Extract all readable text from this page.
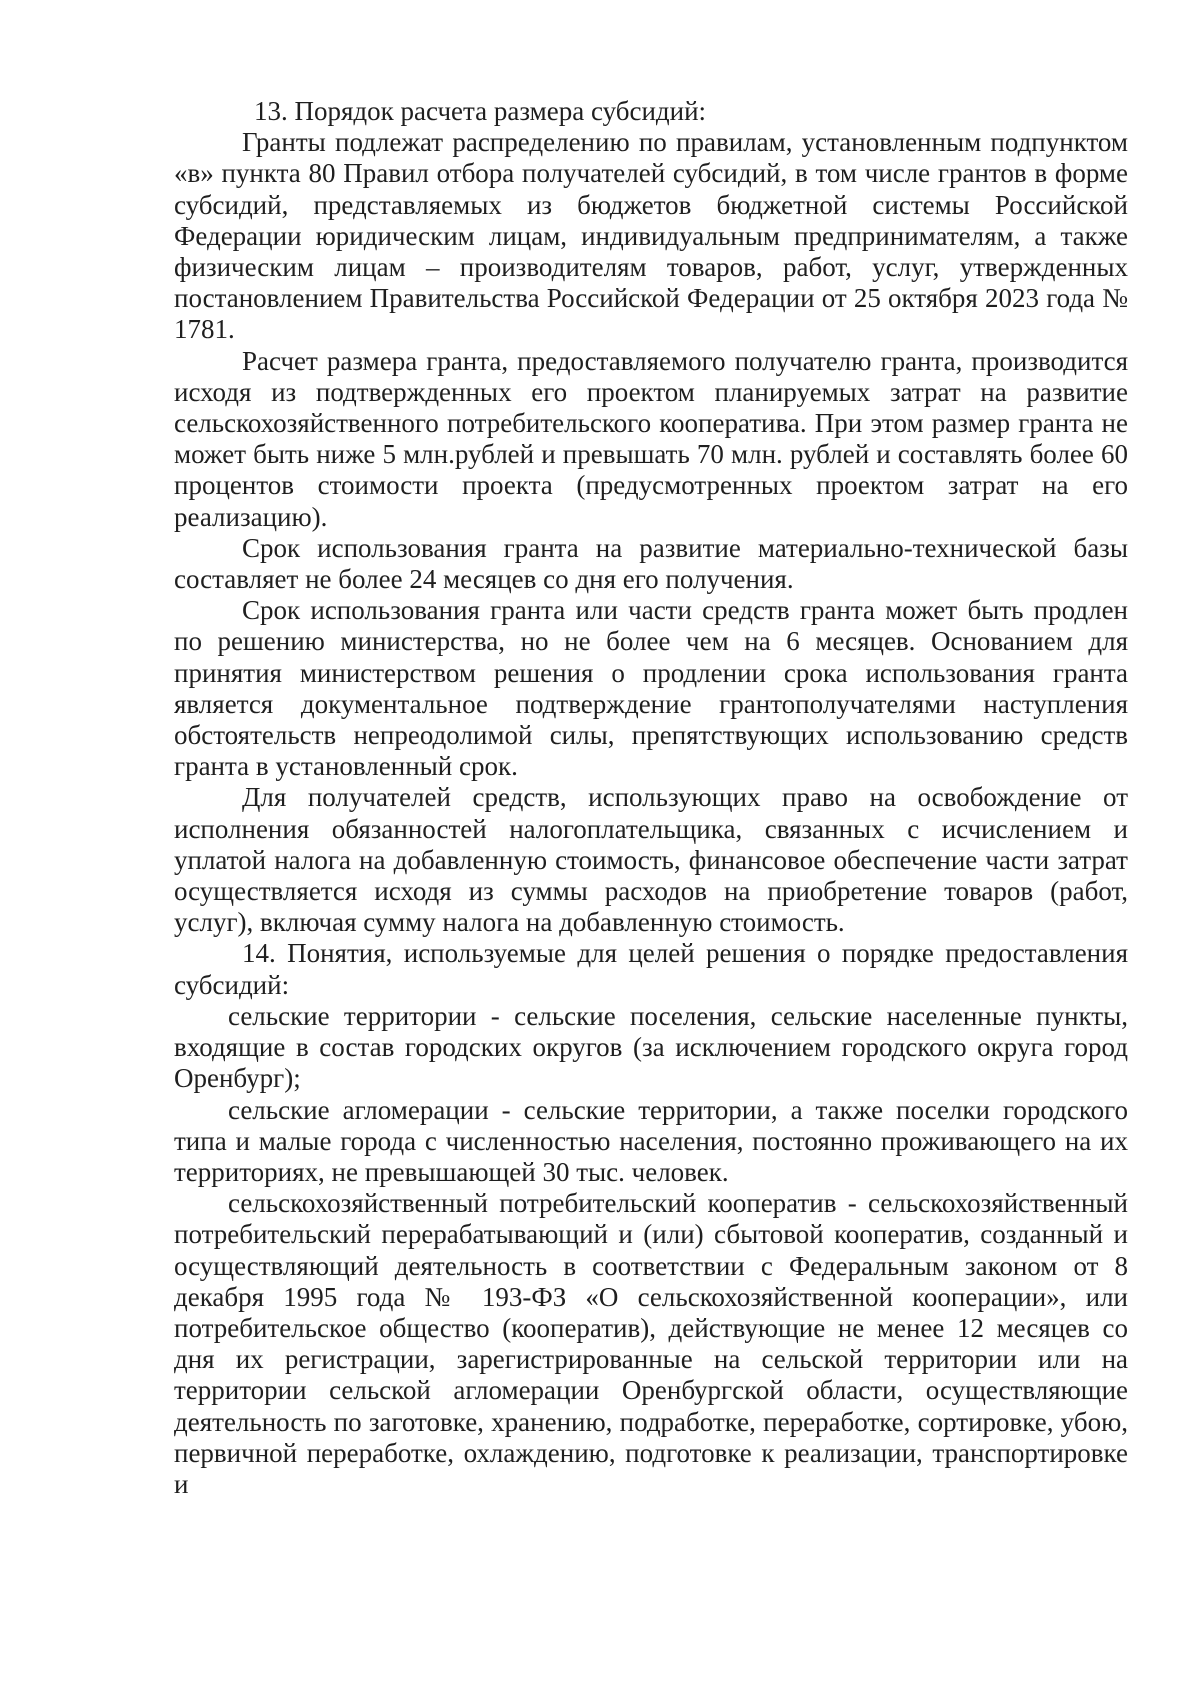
13. Порядок расчета размера субсидий:

Гранты подлежат распределению по правилам, установленным подпунктом «в» пункта 80 Правил отбора получателей субсидий, в том числе грантов в форме субсидий, представляемых из бюджетов бюджетной системы Российской Федерации юридическим лицам, индивидуальным предпринимателям, а также физическим лицам – производителям товаров, работ, услуг, утвержденных постановлением Правительства Российской Федерации от 25 октября 2023 года № 1781.

Расчет размера гранта, предоставляемого получателю гранта, производится исходя из подтвержденных его проектом планируемых затрат на развитие сельскохозяйственного потребительского кооператива. При этом размер гранта не может быть ниже 5 млн.рублей и превышать 70 млн. рублей и составлять более 60 процентов стоимости проекта (предусмотренных проектом затрат на его реализацию).

Срок использования гранта на развитие материально-технической базы составляет не более 24 месяцев со дня его получения.

Срок использования гранта или части средств гранта может быть продлен по решению министерства, но не более чем на 6 месяцев. Основанием для принятия министерством решения о продлении срока использования гранта является документальное подтверждение грантополучателями наступления обстоятельств непреодолимой силы, препятствующих использованию средств гранта в установленный срок.

Для получателей средств, использующих право на освобождение от исполнения обязанностей налогоплательщика, связанных с исчислением и уплатой налога на добавленную стоимость, финансовое обеспечение части затрат осуществляется исходя из суммы расходов на приобретение товаров (работ, услуг), включая сумму налога на добавленную стоимость.

14. Понятия, используемые для целей решения о порядке предоставления субсидий:

сельские территории - сельские поселения, сельские населенные пункты, входящие в состав городских округов (за исключением городского округа город Оренбург);

сельские агломерации - сельские территории, а также поселки городского типа и малые города с численностью населения, постоянно проживающего на их территориях, не превышающей 30 тыс. человек.

сельскохозяйственный потребительский кооператив - сельскохозяйственный потребительский перерабатывающий и (или) сбытовой кооператив, созданный и осуществляющий деятельность в соответствии с Федеральным законом от 8 декабря 1995 года № 193-ФЗ «О сельскохозяйственной кооперации», или потребительское общество (кооператив), действующие не менее 12 месяцев со дня их регистрации, зарегистрированные на сельской территории или на территории сельской агломерации Оренбургской области, осуществляющие деятельность по заготовке, хранению, подработке, переработке, сортировке, убою, первичной переработке, охлаждению, подготовке к реализации, транспортировке и
